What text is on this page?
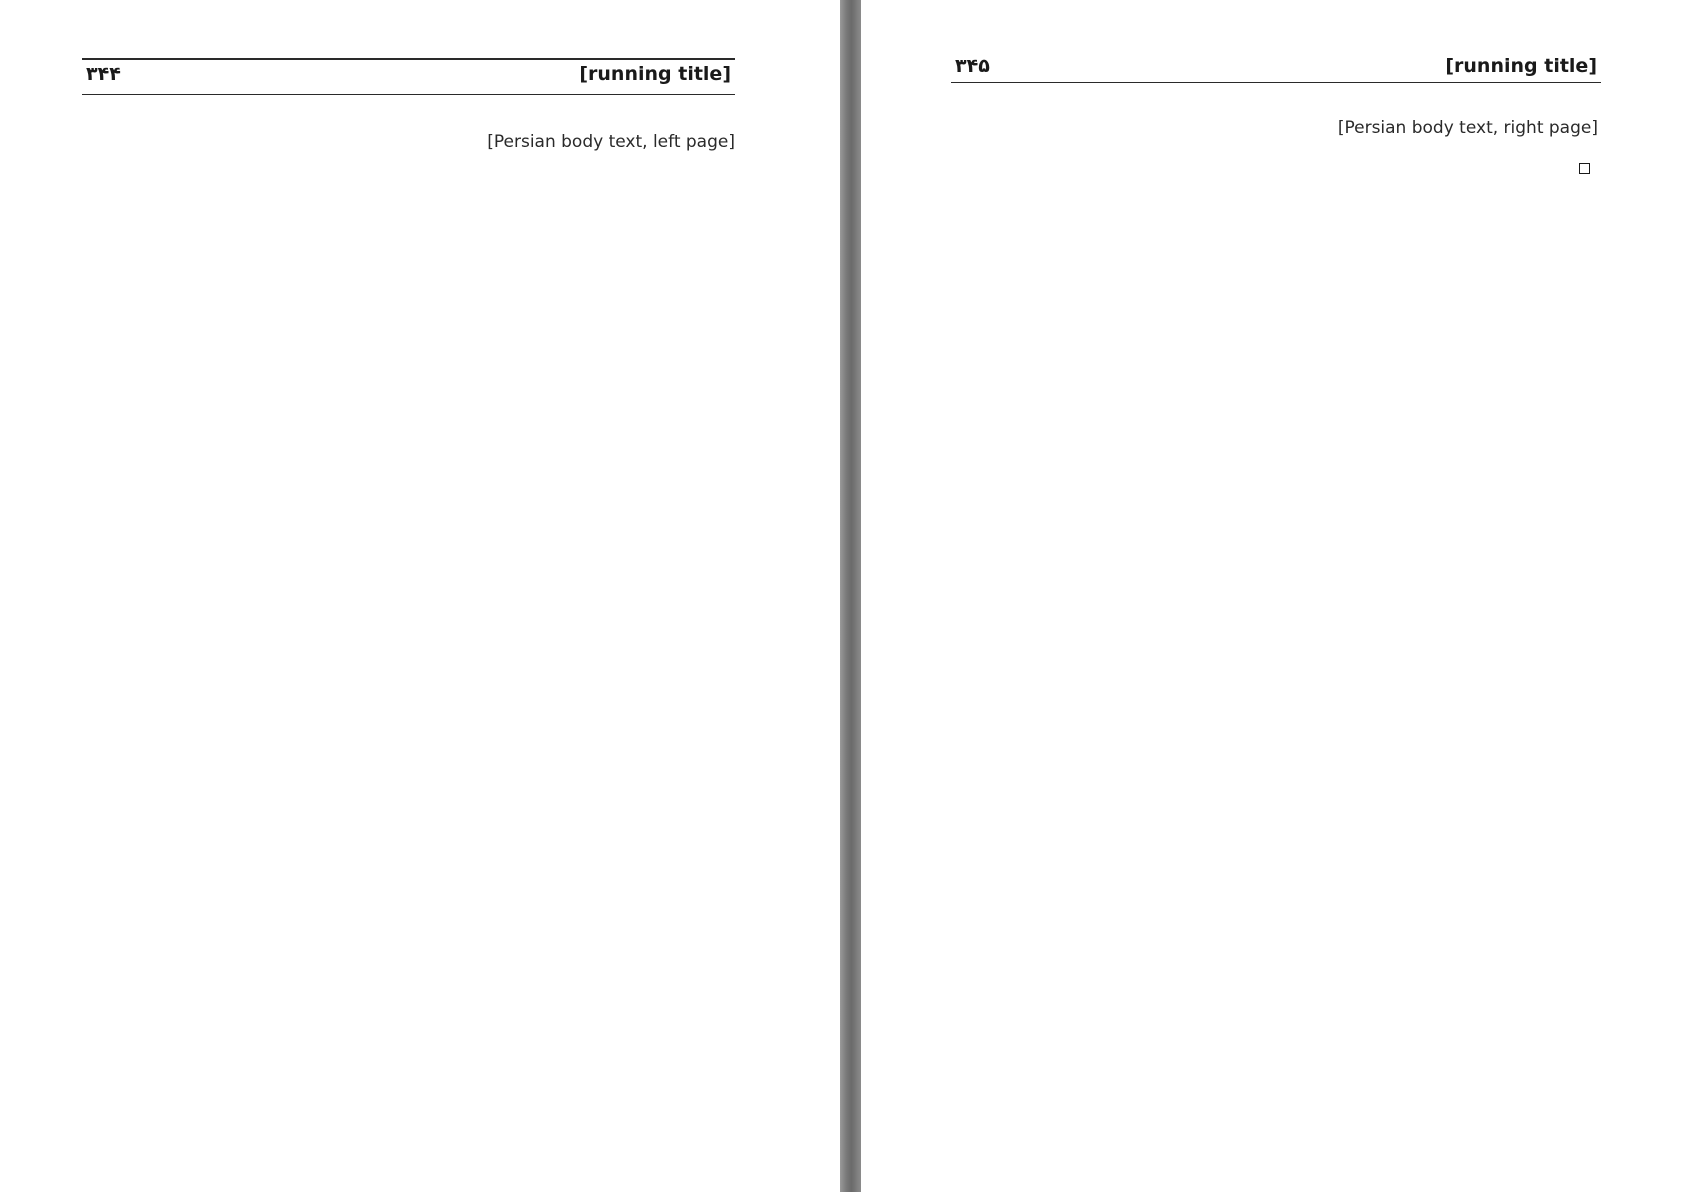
[running title]
۳۴۴
[Persian body text, left page]
[running title]
۳۴۵
[Persian body text, right page]
